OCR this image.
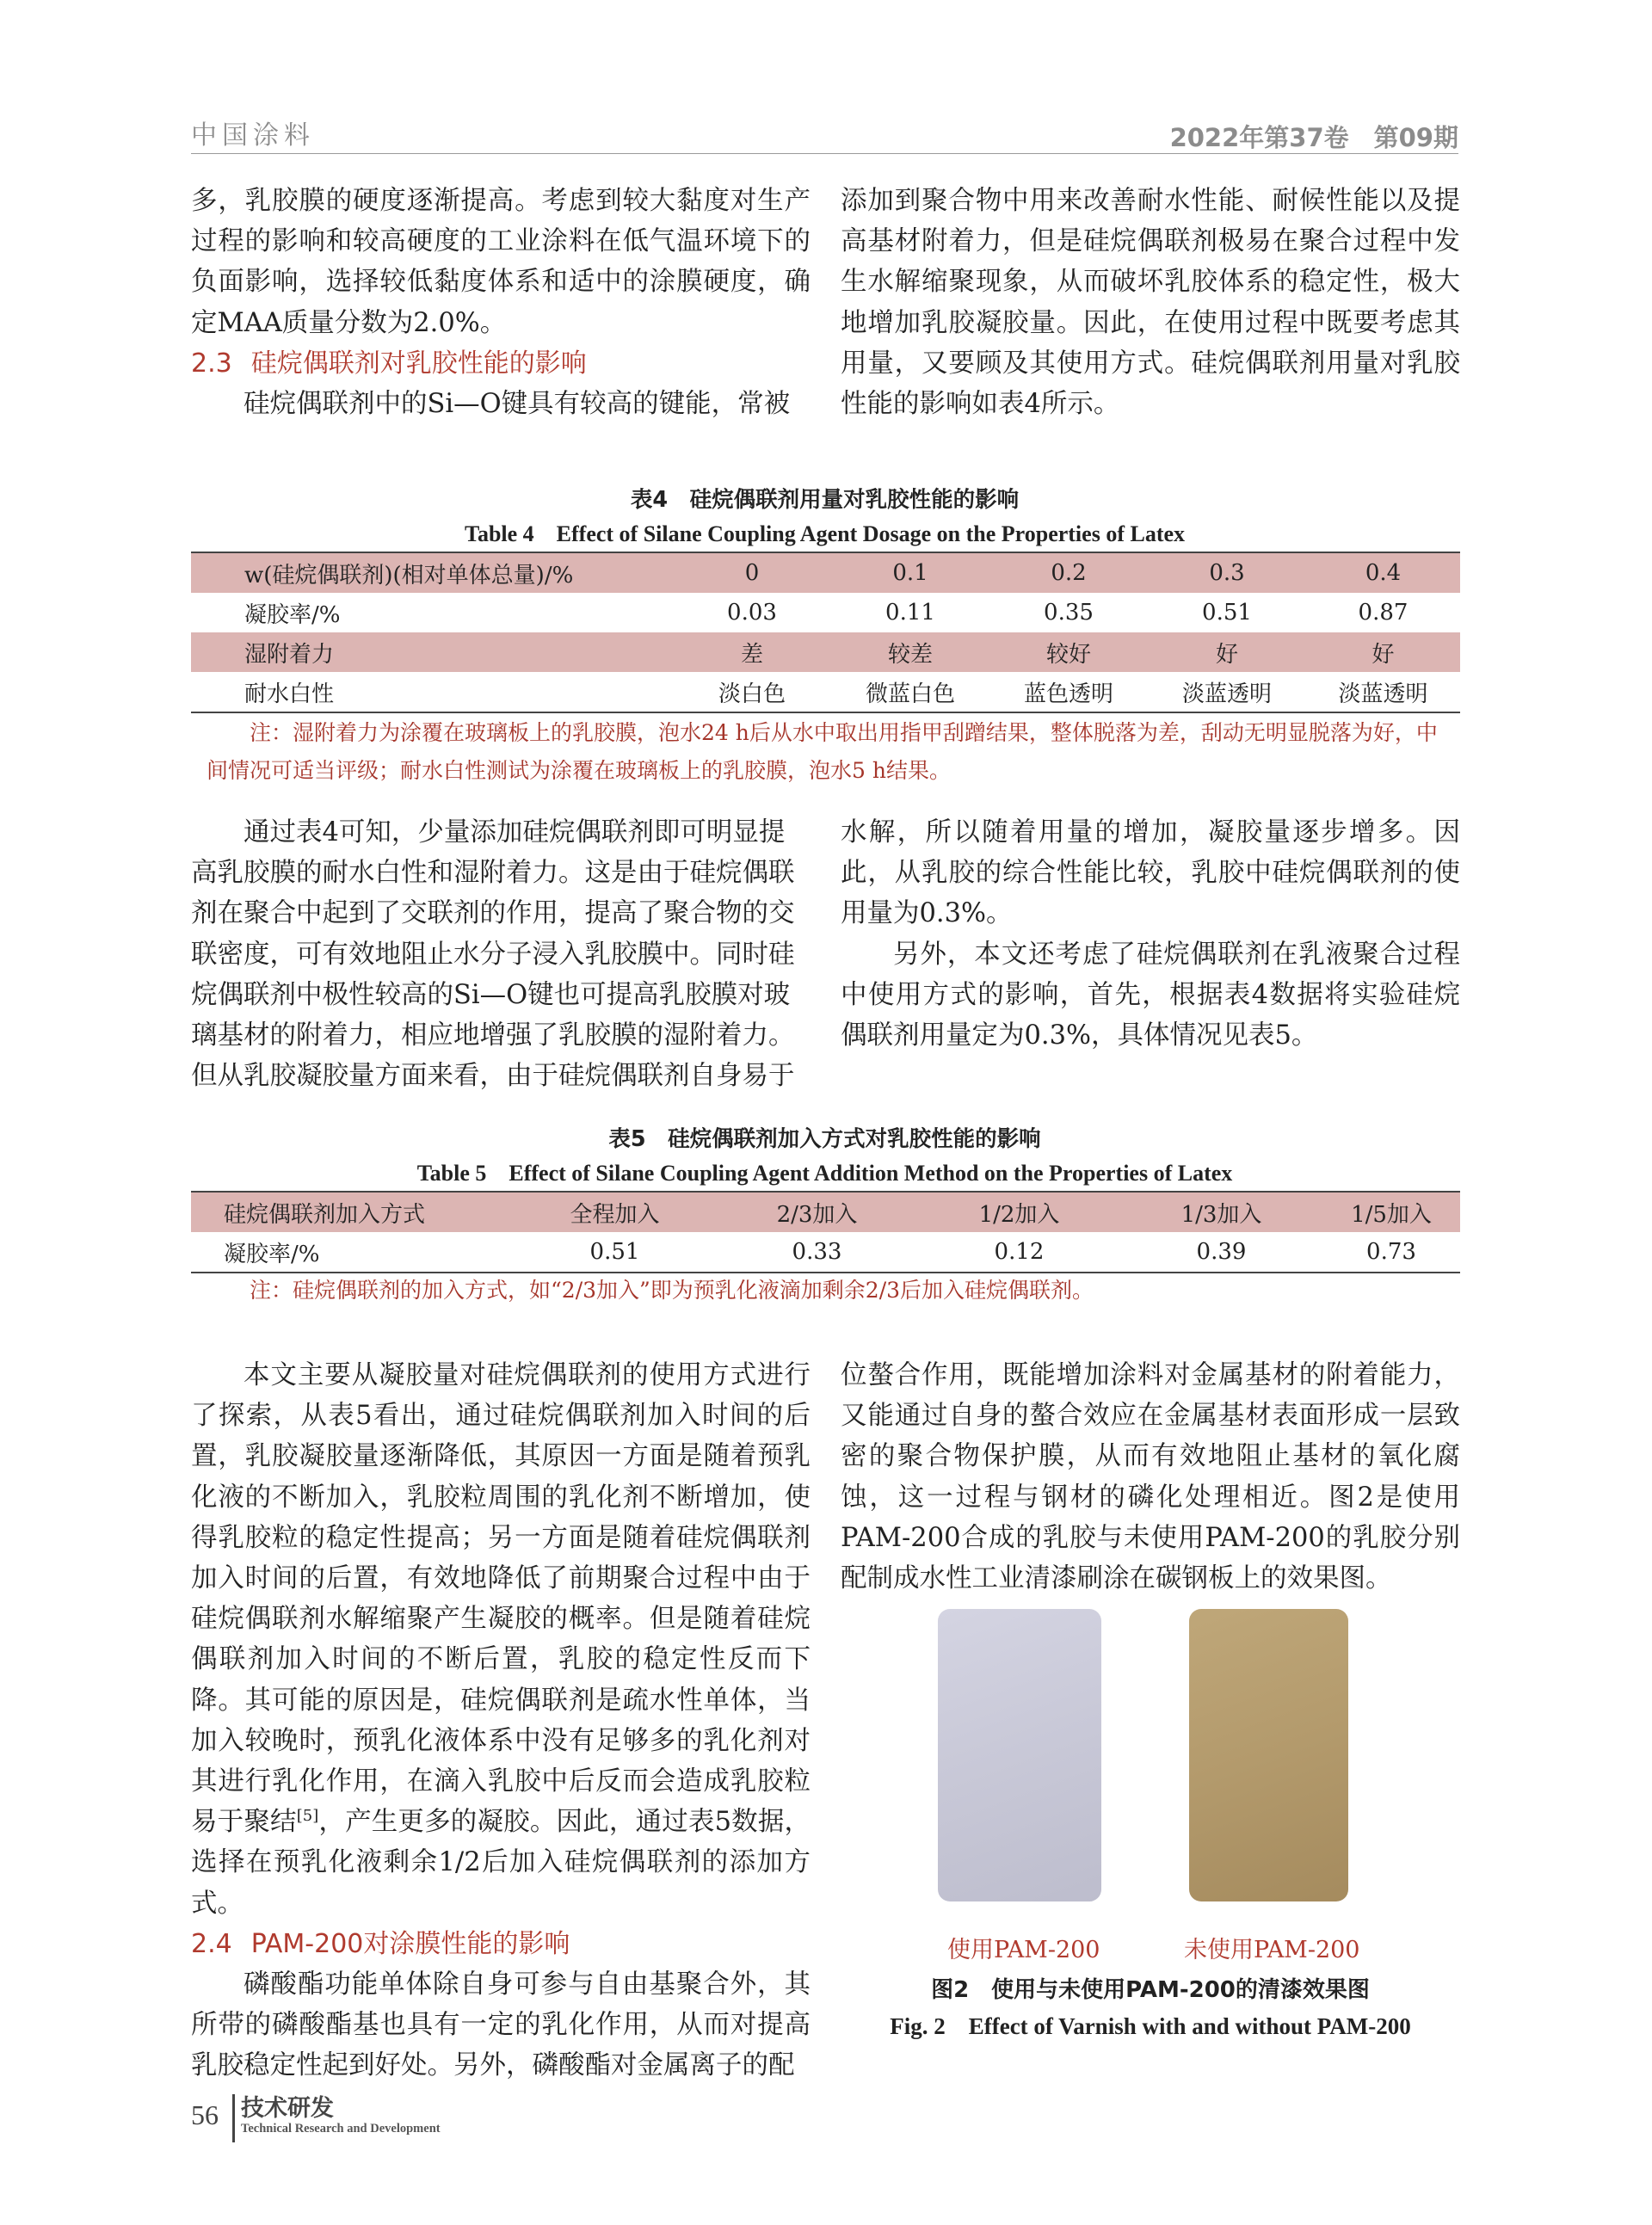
中国涂料	2022年第37卷　第09期

多，乳胶膜的硬度逐渐提高。考虑到较大黏度对生产过程的影响和较高硬度的工业涂料在低气温环境下的负面影响，选择较低黏度体系和适中的涂膜硬度，确定MAA质量分数为2.0%。

2.3 硅烷偶联剂对乳胶性能的影响

硅烷偶联剂中的Si—O键具有较高的键能，常被

添加到聚合物中用来改善耐水性能、耐候性能以及提高基材附着力，但是硅烷偶联剂极易在聚合过程中发生水解缩聚现象，从而破坏乳胶体系的稳定性，极大地增加乳胶凝胶量。因此，在使用过程中既要考虑其用量，又要顾及其使用方式。硅烷偶联剂用量对乳胶性能的影响如表4所示。

表4　硅烷偶联剂用量对乳胶性能的影响
Table 4　Effect of Silane Coupling Agent Dosage on the Properties of Latex
w(硅烷偶联剂)(相对单体总量)/%	0	0.1	0.2	0.3	0.4
凝胶率/%	0.03	0.11	0.35	0.51	0.87
湿附着力	差	较差	较好	好	好
耐水白性	淡白色	微蓝白色	蓝色透明	淡蓝透明	淡蓝透明
注：湿附着力为涂覆在玻璃板上的乳胶膜，泡水24 h后从水中取出用指甲刮蹭结果，整体脱落为差，刮动无明显脱落为好，中间情况可适当评级；耐水白性测试为涂覆在玻璃板上的乳胶膜，泡水5 h结果。

通过表4可知，少量添加硅烷偶联剂即可明显提高乳胶膜的耐水白性和湿附着力。这是由于硅烷偶联剂在聚合中起到了交联剂的作用，提高了聚合物的交联密度，可有效地阻止水分子浸入乳胶膜中。同时硅烷偶联剂中极性较高的Si—O键也可提高乳胶膜对玻璃基材的附着力，相应地增强了乳胶膜的湿附着力。但从乳胶凝胶量方面来看，由于硅烷偶联剂自身易于

水解，所以随着用量的增加，凝胶量逐步增多。因此，从乳胶的综合性能比较，乳胶中硅烷偶联剂的使用量为0.3%。

另外，本文还考虑了硅烷偶联剂在乳液聚合过程中使用方式的影响，首先，根据表4数据将实验硅烷偶联剂用量定为0.3%，具体情况见表5。

表5　硅烷偶联剂加入方式对乳胶性能的影响
Table 5　Effect of Silane Coupling Agent Addition Method on the Properties of Latex
硅烷偶联剂加入方式	全程加入	2/3加入	1/2加入	1/3加入	1/5加入
凝胶率/%	0.51	0.33	0.12	0.39	0.73
注：硅烷偶联剂的加入方式，如“2/3加入”即为预乳化液滴加剩余2/3后加入硅烷偶联剂。

本文主要从凝胶量对硅烷偶联剂的使用方式进行了探索，从表5看出，通过硅烷偶联剂加入时间的后置，乳胶凝胶量逐渐降低，其原因一方面是随着预乳化液的不断加入，乳胶粒周围的乳化剂不断增加，使得乳胶粒的稳定性提高；另一方面是随着硅烷偶联剂加入时间的后置，有效地降低了前期聚合过程中由于硅烷偶联剂水解缩聚产生凝胶的概率。但是随着硅烷偶联剂加入时间的不断后置，乳胶的稳定性反而下降。其可能的原因是，硅烷偶联剂是疏水性单体，当加入较晚时，预乳化液体系中没有足够多的乳化剂对其进行乳化作用，在滴入乳胶中后反而会造成乳胶粒易于聚结[5]，产生更多的凝胶。因此，通过表5数据，选择在预乳化液剩余1/2后加入硅烷偶联剂的添加方式。

2.4 PAM-200对涂膜性能的影响

磷酸酯功能单体除自身可参与自由基聚合外，其所带的磷酸酯基也具有一定的乳化作用，从而对提高乳胶稳定性起到好处。另外，磷酸酯对金属离子的配

位螯合作用，既能增加涂料对金属基材的附着能力，又能通过自身的螯合效应在金属基材表面形成一层致密的聚合物保护膜，从而有效地阻止基材的氧化腐蚀，这一过程与钢材的磷化处理相近。图2是使用PAM-200合成的乳胶与未使用PAM-200的乳胶分别配制成水性工业清漆刷涂在碳钢板上的效果图。

使用PAM-200	未使用PAM-200
图2　使用与未使用PAM-200的清漆效果图
Fig. 2　Effect of Varnish with and without PAM-200
56 技术研发
Technical Research and Development
